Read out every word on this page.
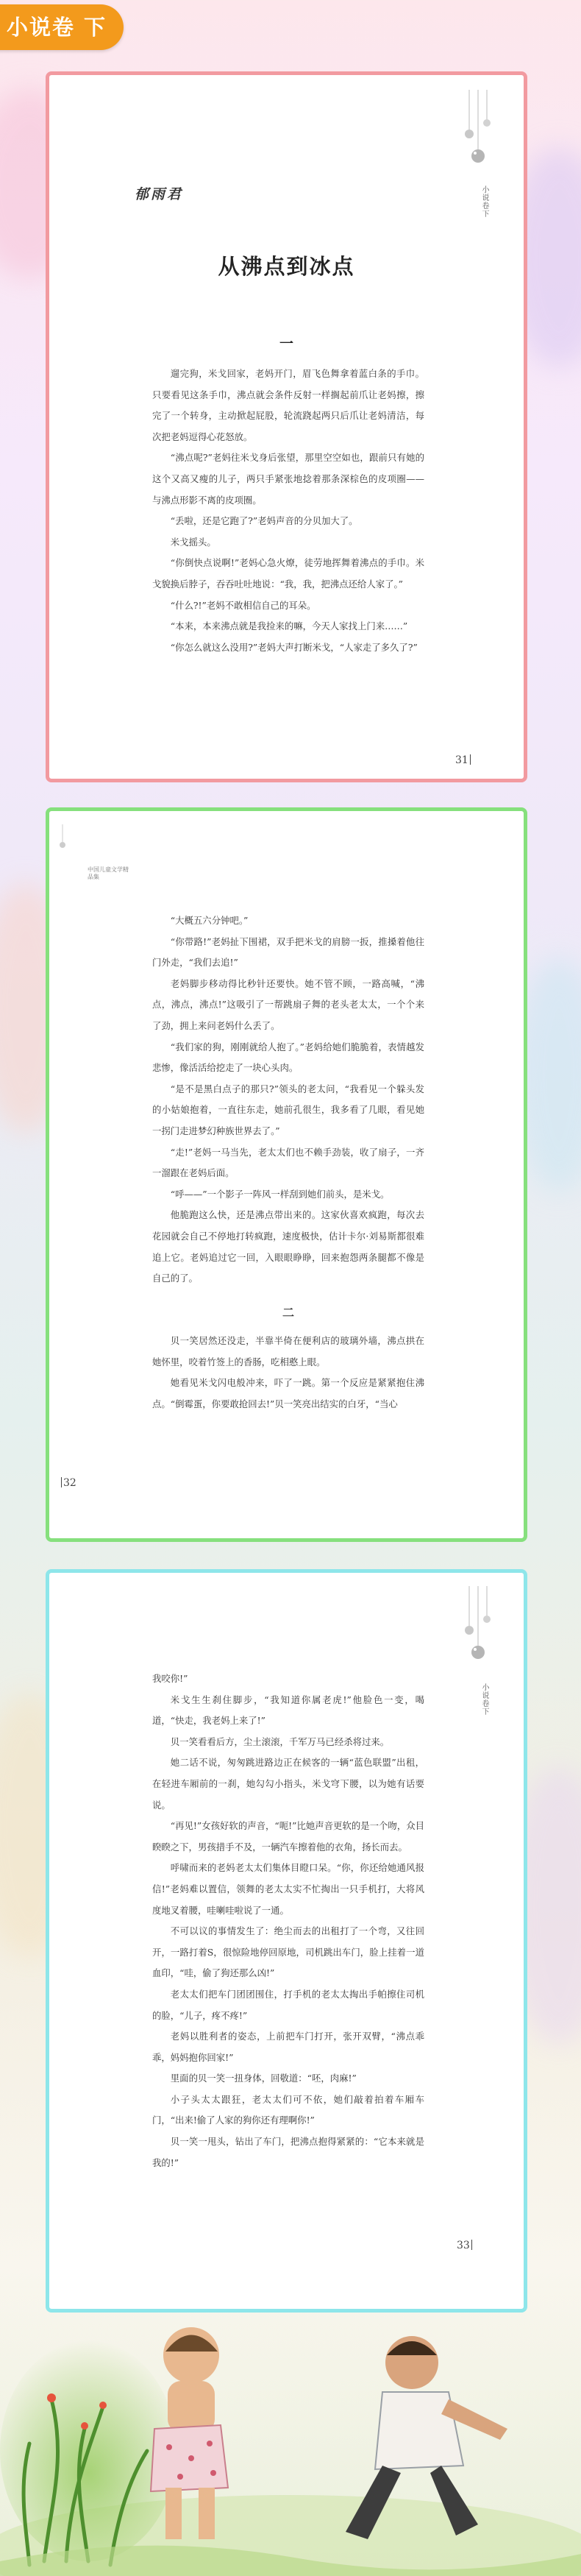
小说卷 下
小说卷下
郁雨君
从沸点到冰点
一

遛完狗，米戈回家，老妈开门，眉飞色舞拿着蓝白条的手巾。只要看见这条手巾，沸点就会条件反射一样搁起前爪让老妈擦，擦完了一个转身，主动掀起屁股，轮流跷起两只后爪让老妈清洁，每次把老妈逗得心花怒放。

“沸点呢?”老妈往米戈身后张望，那里空空如也，跟前只有她的这个又高又瘦的儿子，两只手紧张地捻着那条深棕色的皮项圈——与沸点形影不离的皮项圈。

“丢啦，还是它跑了?”老妈声音的分贝加大了。

米戈摇头。

“你倒快点说啊!”老妈心急火燎，徒劳地挥舞着沸点的手巾。米戈貌换后脖子，吞吞吐吐地说：“我，我，把沸点还给人家了。”

“什么?!”老妈不敢相信自己的耳朵。

“本来，本来沸点就是我捡来的嘛，今天人家找上门来……”

“你怎么就这么没用?”老妈大声打断米戈，“人家走了多久了?”

31
中国儿童文学精品集

“大概五六分钟吧。”

“你带路!”老妈扯下围裙，双手把米戈的肩膀一扳，推搡着他往门外走，“我们去追!”

老妈脚步移动得比秒针还要快。她不管不顾，一路高喊，“沸点，沸点，沸点!”这吸引了一帮跳扇子舞的老头老太太，一个个来了劲，拥上来问老妈什么丢了。

“我们家的狗，刚刚就给人抱了。”老妈给她们脆脆着，表情越发悲惨，像活活给挖走了一块心头肉。

“是不是黑白点子的那只?”领头的老太问，“我看见一个躲头发的小姑娘抱着，一直往东走，她前孔很生，我多看了几眼，看见她一拐门走进梦幻种族世界去了。”

“走!”老妈一马当先，老太太们也不赖手劲装，收了扇子，一齐一溜跟在老妈后面。

“呼——”一个影子一阵风一样刮到她们前头，是米戈。

他脆跑这么快，还是沸点带出来的。这家伙喜欢疯跑，每次去花园就会自己不停地打转疯跑，速度极快，估计卡尔·刘易斯都很难追上它。老妈追过它一回，入眼眼睁睁，回来抱怨两条腿都不像是自己的了。

二

贝一笑居然还没走，半靠半倚在便利店的玻璃外墙，沸点拱在她怀里，咬着竹签上的香肠，吃相憨上眼。

她看见米戈闪电般冲来，吓了一跳。第一个反应是紧紧抱住沸点。“倒霉蛋，你要敢抢回去!”贝一笑亮出结实的白牙，“当心

32
小说卷下

我咬你!”

米戈生生刹住脚步，“我知道你属老虎!”他脸色一变，喝道，“快走，我老妈上来了!”

贝一笑看看后方，尘土滚滚，千军万马已经杀将过来。

她二话不说，匆匆跳进路边正在候客的一辆“蓝色联盟”出租，在轻进车厢前的一刹，她勾勾小指头，米戈穹下腰，以为她有话要说。

“再见!”女孩好软的声音，“呃!”比她声音更软的是一个吻，众目睽睽之下，男孩措手不及，一辆汽车擦着他的衣角，扬长而去。

呼啸而来的老妈老太太们集体目瞪口呆。“你，你还给她通风报信!”老妈难以置信，领舞的老太太实不忙掏出一只手机打，大将风度地叉着腰，哇喇哇啦说了一通。

不可以议的事情发生了：绝尘而去的出租打了一个弯，又往回开，一路打着S，很惊险地停回原地，司机跳出车门，脸上挂着一道血印，“哇，偷了狗还那么凶!”

老太太们把车门团团围住，打手机的老太太掏出手帕擦住司机的脸，“儿子，疼不疼!”

老妈以胜利者的姿态，上前把车门打开，张开双臂，“沸点乖乖，妈妈抱你回家!”

里面的贝一笑一扭身体，回敬道：“呸，肉麻!”

小子头太太跟狂，老太太们可不依，她们敲着拍着车厢车门，“出来!偷了人家的狗你还有理啊你!”

贝一笑一甩头，钻出了车门，把沸点抱得紧紧的：“它本来就是我的!”

33
